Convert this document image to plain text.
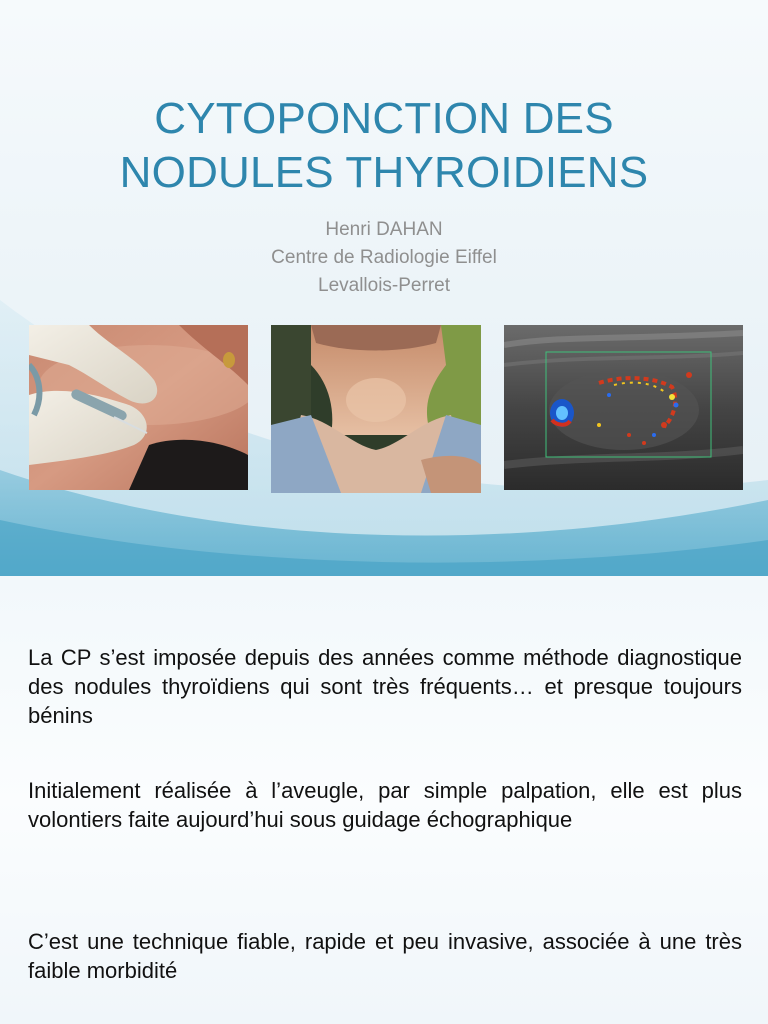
CYTOPONCTION DES
NODULES THYROIDIENS
Henri DAHAN
Centre de Radiologie Eiffel
Levallois-Perret

La CP s’est imposée depuis des années comme méthode diagnostique des nodules thyroïdiens qui sont très fréquents… et presque toujours bénins

Initialement réalisée à l’aveugle, par simple palpation, elle est plus volontiers faite aujourd’hui sous guidage échographique

C’est une technique fiable, rapide et peu invasive, associée à une très faible morbidité
